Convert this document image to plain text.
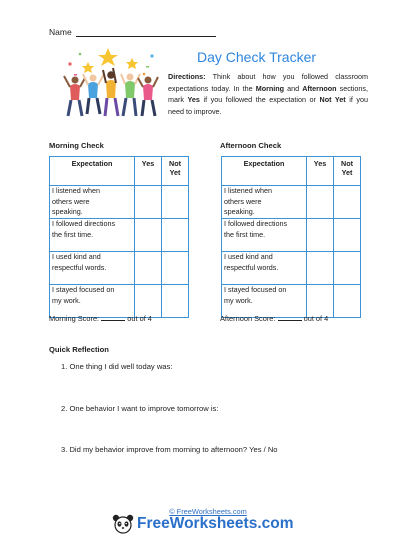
Name
Day Check Tracker
Directions: Think about how you followed classroom expectations today. In the Morning and Afternoon sections, mark Yes if you followed the expectation or Not Yet if you need to improve.
Morning Check	Afternoon Check
Expectation	Yes	Not
Yet
I listened when
others were
speaking.		
I followed directions
the first time.		
I used kind and
respectful words.		
I stayed focused on
my work.		
Expectation	Yes	Not
Yet
I listened when
others were
speaking.		
I followed directions
the first time.		
I used kind and
respectful words.		
I stayed focused on
my work.		
Morning Score:	out of 4	Afternoon Score:	out of 4
Quick Reflection
1. One thing I did well today was:
2. One behavior I want to improve tomorrow is:
3. Did my behavior improve from morning to afternoon? Yes / No
© FreeWorksheets.com
FreeWorksheets.com
